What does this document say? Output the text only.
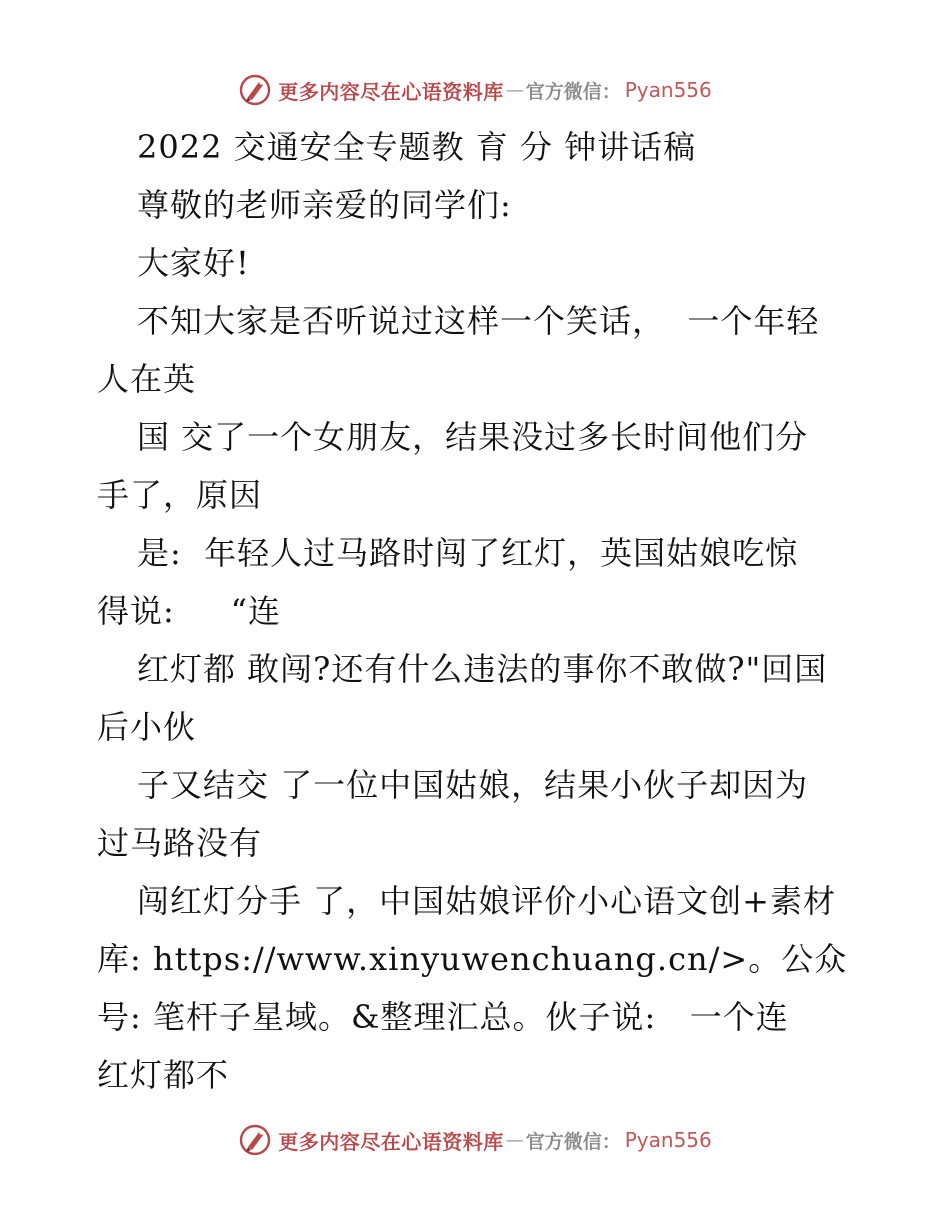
更多内容尽在心语资料库 — 官方微信： Pyan556
2022 交通安全专题教 育 分 钟讲话稿
尊敬的老师亲爱的同学们:
大家好!
不知大家是否听说过这样一个笑话，  一个年轻
人在英
国 交了一个女朋友，结果没过多长时间他们分
手了，原因
是:  年轻人过马路时闯了红灯，英国姑娘吃惊
得说:     “连
红灯都 敢闯?还有什么违法的事你不敢做?"回国
后小伙
子又结交 了一位中国姑娘，结果小伙子却因为
过马路没有
闯红灯分手 了，中国姑娘评价小心语文创+素材
库: https://www.xinyuwenchuang.cn/>。公众
号: 笔杆子星域。&整理汇总。伙子说:   一个连
红灯都不
更多内容尽在心语资料库 — 官方微信： Pyan556
